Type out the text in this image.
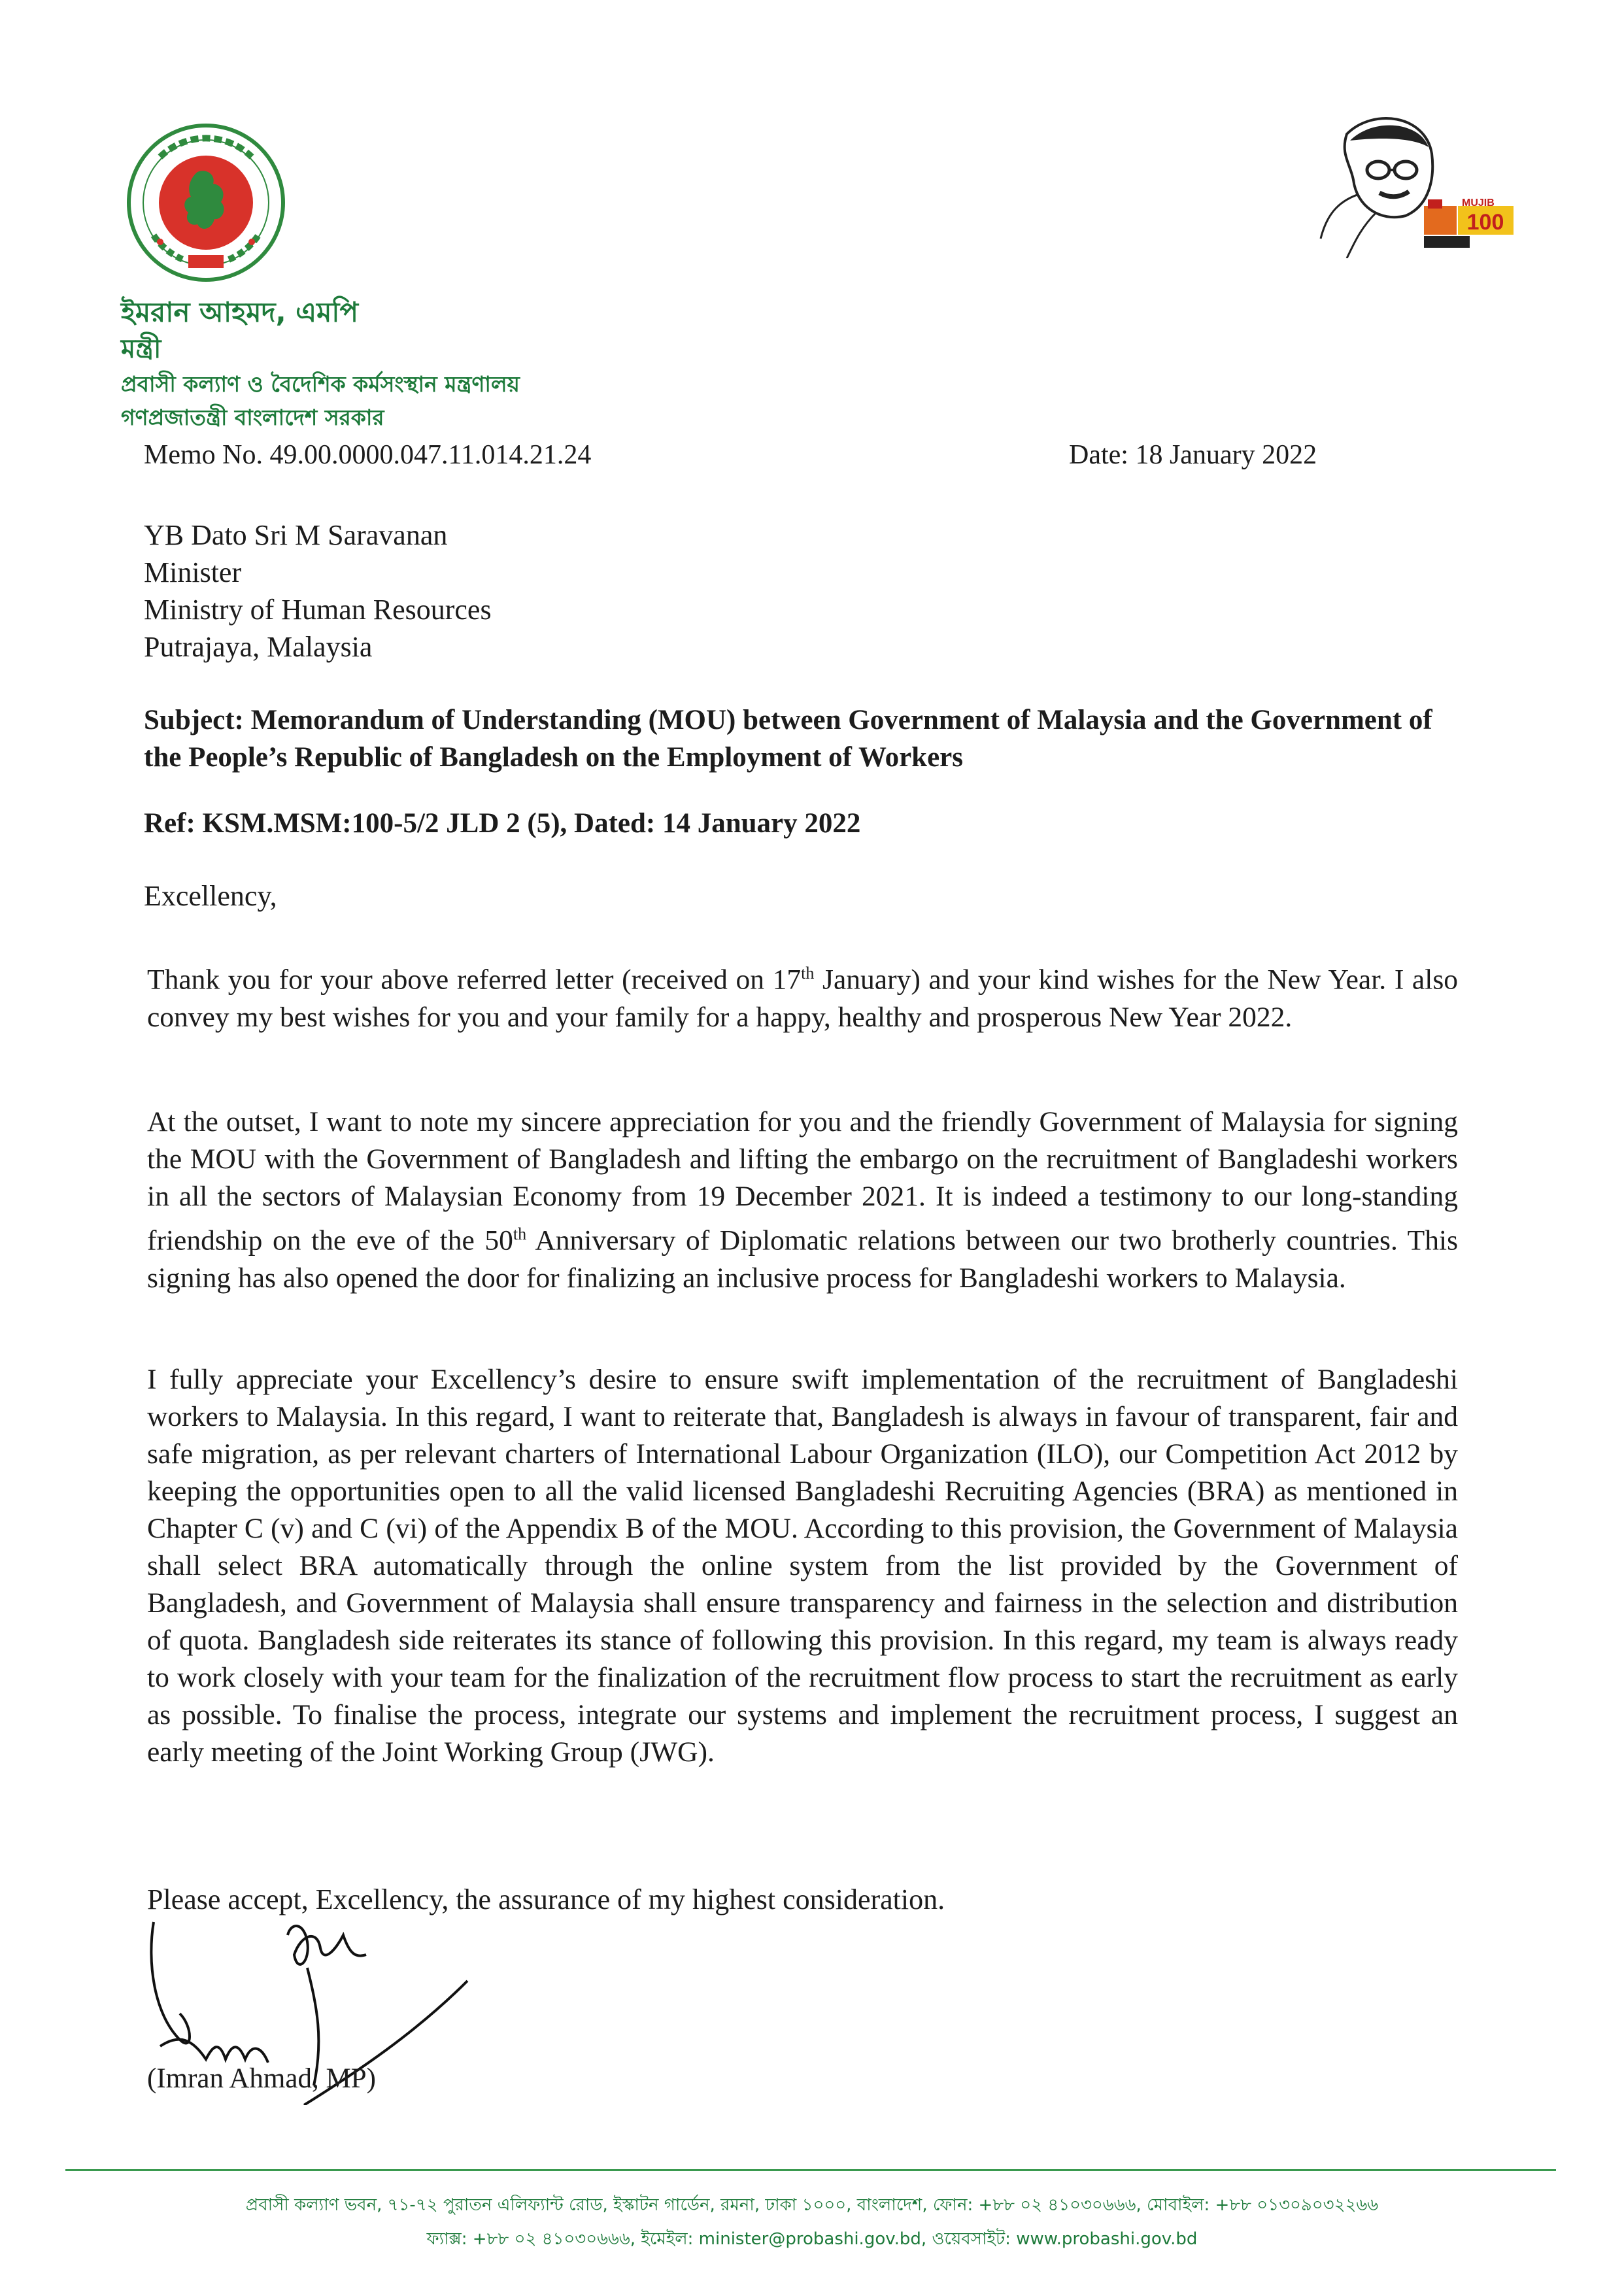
100
MUJIB
ইমরান আহমদ, এমপি
মন্ত্রী
প্রবাসী কল্যাণ ও বৈদেশিক কর্মসংস্থান মন্ত্রণালয়
গণপ্রজাতন্ত্রী বাংলাদেশ সরকার
Memo No. 49.00.0000.047.11.014.21.24	Date: 18 January 2022
YB Dato Sri M Saravanan
Minister
Ministry of Human Resources
Putrajaya, Malaysia
Subject: Memorandum of Understanding (MOU) between Government of Malaysia and the Government of the People’s Republic of Bangladesh on the Employment of Workers
Ref: KSM.MSM:100-5/2 JLD 2 (5), Dated: 14 January 2022
Excellency,
Thank you for your above referred letter (received on 17th January) and your kind wishes for the New Year. I also convey my best wishes for you and your family for a happy, healthy and prosperous New Year 2022.
At the outset, I want to note my sincere appreciation for you and the friendly Government of Malaysia for signing the MOU with the Government of Bangladesh and lifting the embargo on the recruitment of Bangladeshi workers in all the sectors of Malaysian Economy from 19 December 2021. It is indeed a testimony to our long-standing friendship on the eve of the 50th Anniversary of Diplomatic relations between our two brotherly countries. This signing has also opened the door for finalizing an inclusive process for Bangladeshi workers to Malaysia.
I fully appreciate your Excellency’s desire to ensure swift implementation of the recruitment of Bangladeshi workers to Malaysia. In this regard, I want to reiterate that, Bangladesh is always in favour of transparent, fair and safe migration, as per relevant charters of International Labour Organization (ILO), our Competition Act 2012 by keeping the opportunities open to all the valid licensed Bangladeshi Recruiting Agencies (BRA) as mentioned in Chapter C (v) and C (vi) of the Appendix B of the MOU. According to this provision, the Government of Malaysia shall select BRA automatically through the online system from the list provided by the Government of Bangladesh, and Government of Malaysia shall ensure transparency and fairness in the selection and distribution of quota. Bangladesh side reiterates its stance of following this provision. In this regard, my team is always ready to work closely with your team for the finalization of the recruitment flow process to start the recruitment as early as possible. To finalise the process, integrate our systems and implement the recruitment process, I suggest an early meeting of the Joint Working Group (JWG).
Please accept, Excellency, the assurance of my highest consideration.
(Imran Ahmad, MP)
প্রবাসী কল্যাণ ভবন, ৭১-৭২ পুরাতন এলিফ্যান্ট রোড, ইস্কাটন গার্ডেন, রমনা, ঢাকা ১০০০, বাংলাদেশ, ফোন: +৮৮ ০২ ৪১০৩০৬৬৬, মোবাইল: +৮৮ ০১৩০৯০৩২২৬৬
ফ্যাক্স: +৮৮ ০২ ৪১০৩০৬৬৬, ইমেইল: minister@probashi.gov.bd, ওয়েবসাইট: www.probashi.gov.bd
